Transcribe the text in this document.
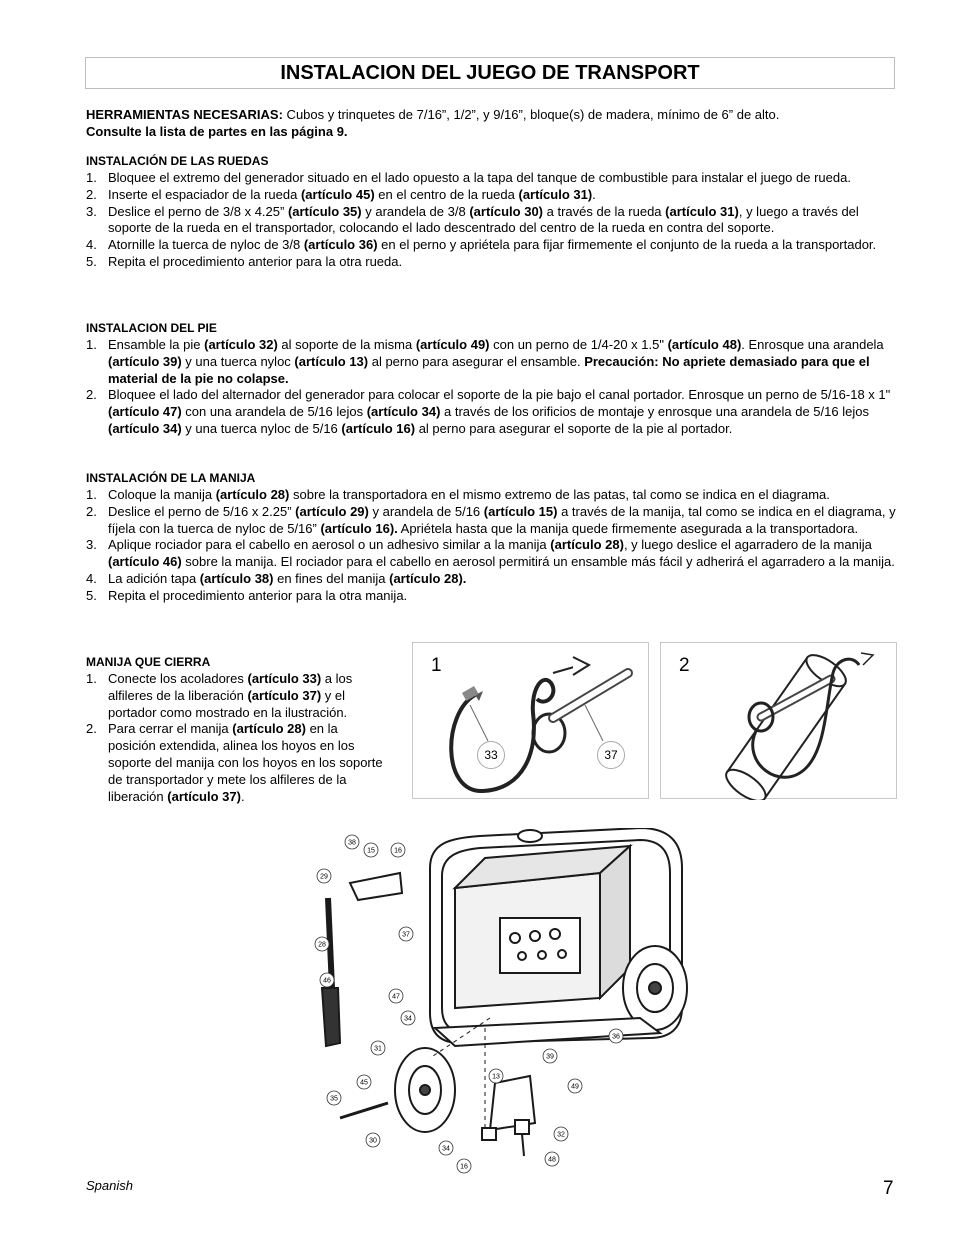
INSTALACION DEL JUEGO DE TRANSPORT
HERRAMIENTAS NECESARIAS: Cubos y trinquetes de 7/16”, 1/2”, y 9/16”, bloque(s) de madera, mínimo de 6” de alto.
Consulte la lista de partes en las página 9.
INSTALACIÓN DE LAS RUEDAS
1. Bloquee el extremo del generador situado en el lado opuesto a la tapa del tanque de combustible para instalar el juego de rueda.
2. Inserte el espaciador de la rueda (artículo 45) en el centro de la rueda (artículo 31).
3. Deslice el perno de 3/8 x 4.25” (artículo 35) y arandela de 3/8 (artículo 30) a través de la rueda (artículo 31), y luego a través del soporte de la rueda en el transportador, colocando el lado descentrado del centro de la rueda en contra del soporte.
4. Atornille la tuerca de nyloc de 3/8 (artículo 36) en el perno y apriétela para fijar firmemente el conjunto de la rueda a la transportador.
5. Repita el procedimiento anterior para la otra rueda.
INSTALACION DEL PIE
1. Ensamble la pie (artículo 32) al soporte de la misma (artículo 49) con un perno de 1/4-20 x 1.5" (artículo 48). Enrosque una arandela (artículo 39) y una tuerca nyloc (artículo 13) al perno para asegurar el ensamble. Precaución: No apriete demasiado para que el material de la pie no colapse.
2. Bloquee el lado del alternador del generador para colocar el soporte de la pie bajo el canal portador. Enrosque un perno de 5/16-18 x 1" (artículo 47) con una arandela de 5/16 lejos (artículo 34) a través de los orificios de montaje y enrosque una arandela de 5/16 lejos (artículo 34) y una tuerca nyloc de 5/16 (artículo 16) al perno para asegurar el soporte de la pie al portador.
INSTALACIÓN DE LA MANIJA
1. Coloque la manija (artículo 28) sobre la transportadora en el mismo extremo de las patas, tal como se indica en el diagrama.
2. Deslice el perno de 5/16 x 2.25” (artículo 29) y arandela de 5/16 (artículo 15) a través de la manija, tal como se indica en el diagrama, y fíjela con la tuerca de nyloc de 5/16” (artículo 16). Apriétela hasta que la manija quede firmemente asegurada a la transportadora.
3. Aplique rociador para el cabello en aerosol o un adhesivo similar a la manija (artículo 28), y luego deslice el agarradero de la manija (artículo 46) sobre la manija. El rociador para el cabello en aerosol permitirá un ensamble más fácil y adherirá el agarradero a la manija.
4. La adición tapa (artículo 38) en fines del manija (artículo 28).
5. Repita el procedimiento anterior para la otra manija.
MANIJA QUE CIERRA
1. Conecte los acoladores (artículo 33) a los alfileres de la liberación (artículo 37) y el portador como mostrado en la ilustración.
2. Para cerrar el manija (artículo 28) en la posición extendida, alinea los hoyos en los soporte del manija con los hoyos en los soporte de transportador y mete los alfileres de la liberación (artículo 37).
1
33	37
2
38
15	16
29
37
28
46
47
34
36
31
39
45
13
49
35
30
32
34
16
48
Spanish	7
